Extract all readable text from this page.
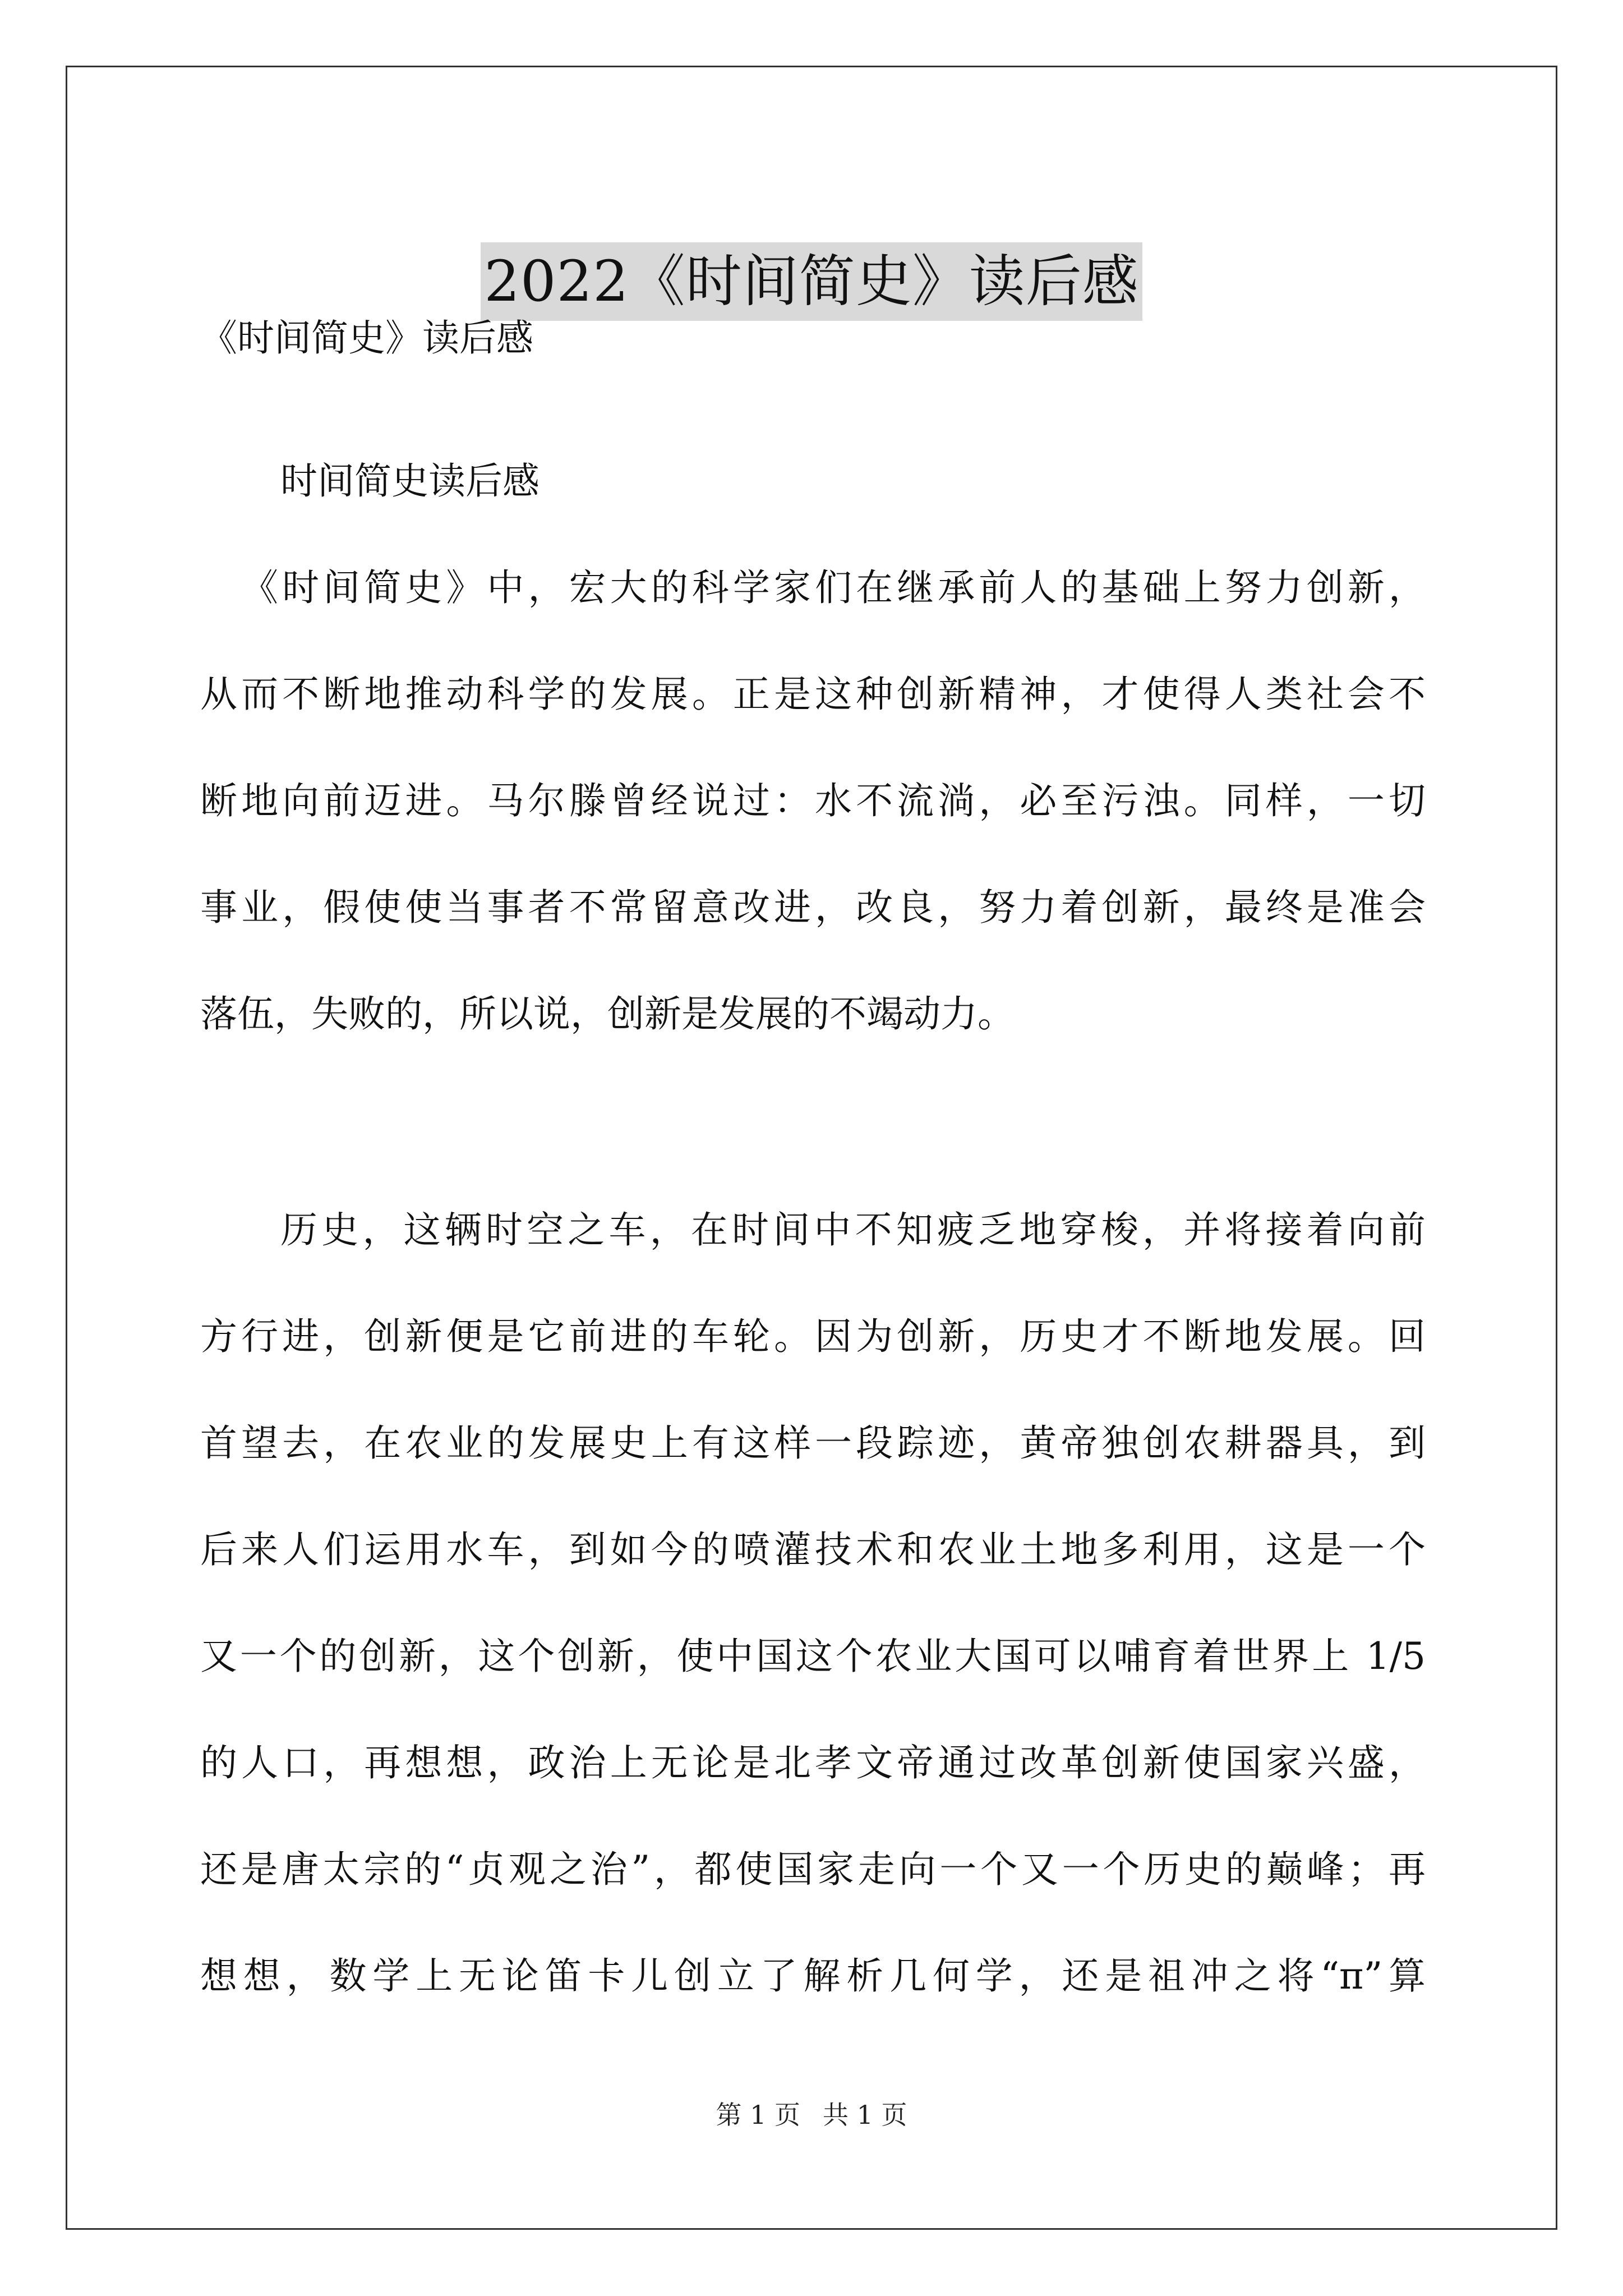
2022《时间简史》读后感
《时间简史》读后感
时间简史读后感
《时间简史》中，宏大的科学家们在继承前人的基础上努力创新，
从而不断地推动科学的发展。正是这种创新精神，才使得人类社会不
断地向前迈进。马尔滕曾经说过：水不流淌，必至污浊。同样，一切
事业，假使使当事者不常留意改进，改良，努力着创新，最终是准会
落伍，失败的，所以说，创新是发展的不竭动力。
历史，这辆时空之车，在时间中不知疲乏地穿梭，并将接着向前
方行进，创新便是它前进的车轮。因为创新，历史才不断地发展。回
首望去，在农业的发展史上有这样一段踪迹，黄帝独创农耕器具，到
后来人们运用水车，到如今的喷灌技术和农业土地多利用，这是一个
又一个的创新，这个创新，使中国这个农业大国可以哺育着世界上 1/5
的人口，再想想，政治上无论是北孝文帝通过改革创新使国家兴盛，
还是唐太宗的“贞观之治”，都使国家走向一个又一个历史的巅峰；再
想想，数学上无论笛卡儿创立了解析几何学，还是祖冲之将“π”算
第 1 页 共 1 页
